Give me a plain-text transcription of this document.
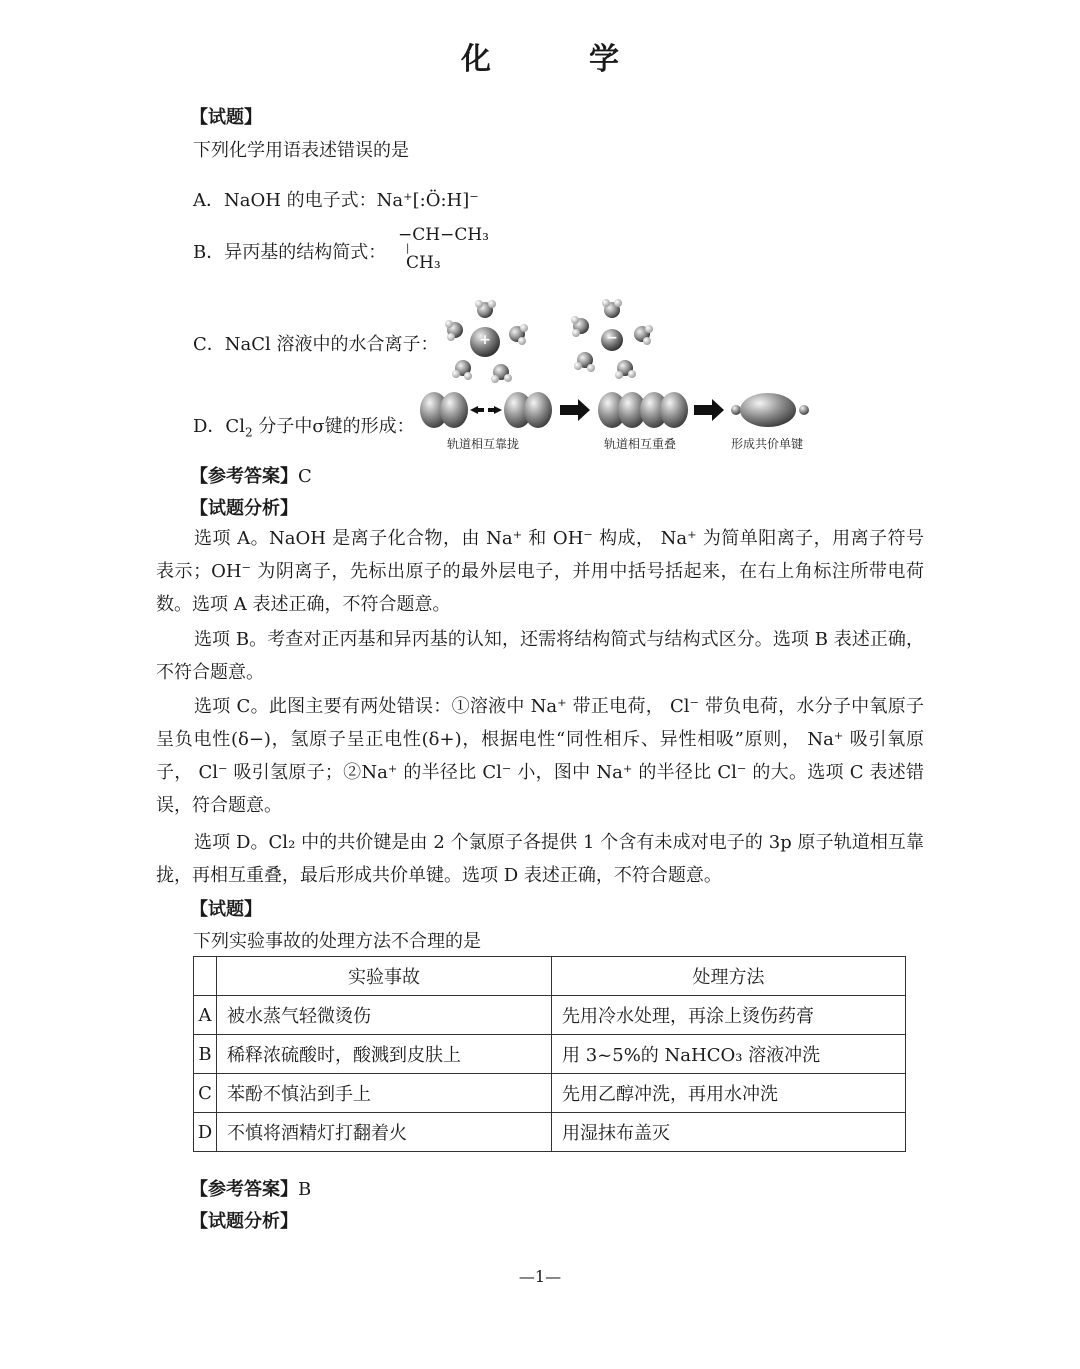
化　学
【试题】
下列化学用语表述错误的是
A．NaOH 的电子式：Na⁺[:Ö:H]⁻
B．异丙基的结构简式：
−CH−CH₃
|
CH₃
C．NaCl 溶液中的水合离子：	+	−
D．$Cl_2$ 分子中σ键的形成：
轨道相互靠拢	轨道相互重叠	形成共价单键
【参考答案】C
【试题分析】
选项 A。NaOH 是离子化合物，由 Na⁺ 和 OH⁻ 构成， Na⁺ 为简单阳离子，用离子符号表示；OH⁻ 为阴离子，先标出原子的最外层电子，并用中括号括起来，在右上角标注所带电荷数。选项 A 表述正确，不符合题意。
选项 B。考查对正丙基和异丙基的认知，还需将结构简式与结构式区分。选项 B 表述正确，不符合题意。
选项 C。此图主要有两处错误：①溶液中 Na⁺ 带正电荷， Cl⁻ 带负电荷，水分子中氧原子呈负电性(δ−)，氢原子呈正电性(δ+)，根据电性“同性相斥、异性相吸”原则， Na⁺ 吸引氧原子， Cl⁻ 吸引氢原子；②Na⁺ 的半径比 Cl⁻ 小，图中 Na⁺ 的半径比 Cl⁻ 的大。选项 C 表述错误，符合题意。
选项 D。Cl₂ 中的共价键是由 2 个氯原子各提供 1 个含有未成对电子的 3p 原子轨道相互靠拢，再相互重叠，最后形成共价单键。选项 D 表述正确，不符合题意。
【试题】
下列实验事故的处理方法不合理的是
	实验事故	处理方法
A	被水蒸气轻微烫伤	先用冷水处理，再涂上烫伤药膏
B	稀释浓硫酸时，酸溅到皮肤上	用 3~5%的 NaHCO₃ 溶液冲洗
C	苯酚不慎沾到手上	先用乙醇冲洗，再用水冲洗
D	不慎将酒精灯打翻着火	用湿抹布盖灭
【参考答案】B
【试题分析】
—1—
